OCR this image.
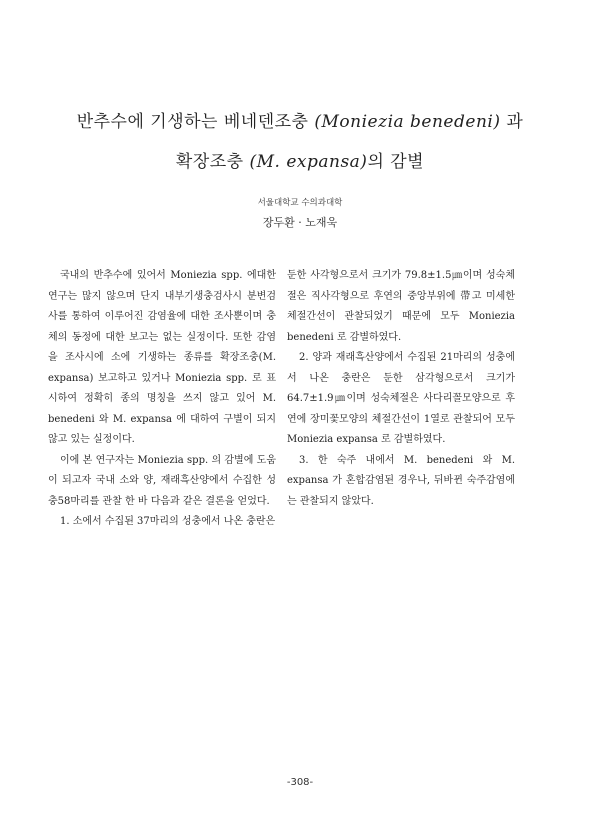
반추수에 기생하는 베네덴조충 (Moniezia benedeni) 과
확장조충 (M. expansa)의 감별
서울대학교 수의과대학
장두환 · 노재욱

국내의 반추수에 있어서 Moniezia spp. 에대한 연구는 많지 않으며 단지 내부기생충검사시 분변검사를 통하여 이루어진 감염율에 대한 조사뿐이며 충체의 동정에 대한 보고는 없는 실정이다. 또한 감염을 조사시에 소에 기생하는 종류를 확장조충(M. expansa) 보고하고 있거나 Moniezia spp. 로 표시하여 정확히 종의 명칭을 쓰지 않고 있어 M. benedeni 와 M. expansa 에 대하여 구별이 되지 않고 있는 실정이다.

이에 본 연구자는 Moniezia spp. 의 감별에 도움이 되고자 국내 소와 양, 재래흑산양에서 수집한 성충58마리를 관찰 한 바 다음과 같은 결론을 얻었다.

1. 소에서 수집된 37마리의 성충에서 나온 충란은

둔한 사각형으로서 크기가 79.8±1.5㎛이며 성숙체절은 직사각형으로 후연의 중앙부위에 帶고 미세한 체절간선이 관찰되었기 때문에 모두 Moniezia benedeni 로 감별하였다.

2. 양과 재래흑산양에서 수집된 21마리의 성충에서 나온 충란은 둔한 삼각형으로서 크기가 64.7±1.9㎛이며 성숙체절은 사다리꼴모양으로 후연에 장미꽃모양의 체절간선이 1열로 관찰되어 모두 Moniezia expansa 로 감별하였다.

3. 한 숙주 내에서 M. benedeni 와 M. expansa 가 혼합감염된 경우나, 뒤바뀐 숙주감염에는 관찰되지 않았다.

-308-
